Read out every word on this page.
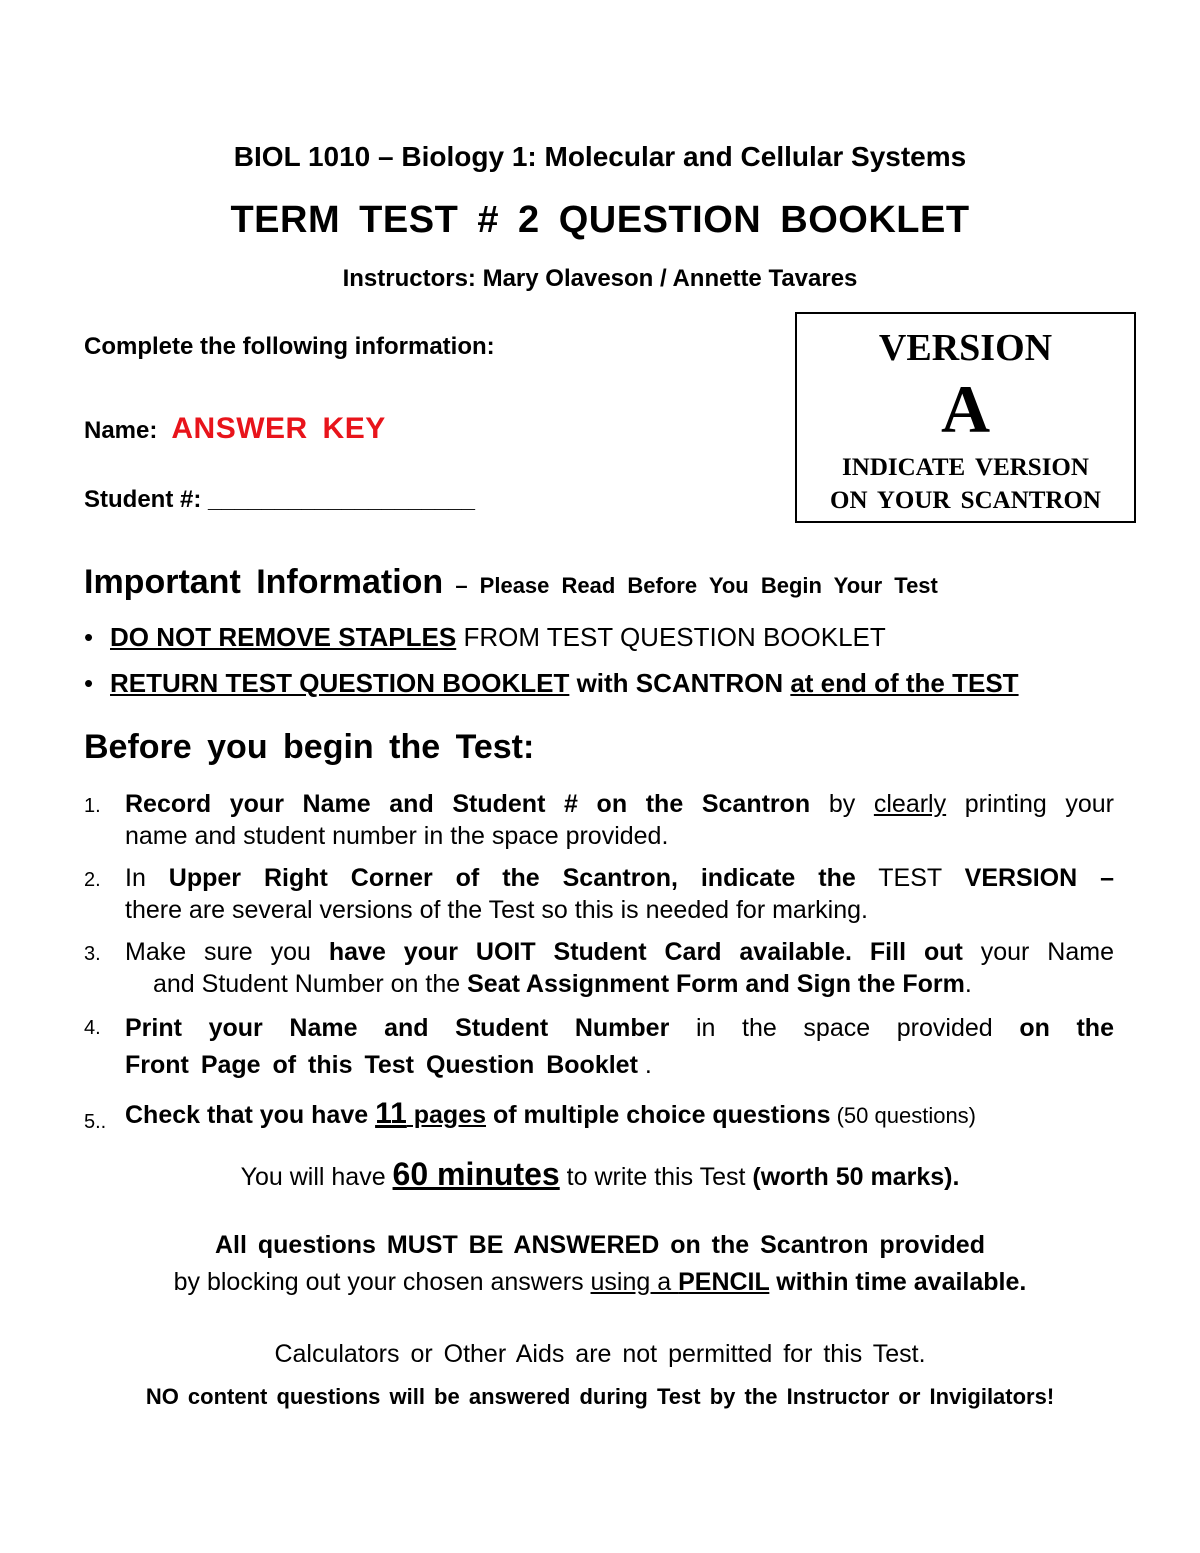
BIOL 1010 – Biology 1: Molecular and Cellular Systems
TERM TEST # 2 QUESTION BOOKLET
Instructors: Mary Olaveson / Annette Tavares
Complete the following information:
Name: ANSWER KEY
Student #: ____________________
VERSION
A
INDICATE VERSION
ON YOUR SCANTRON
Important Information – Please Read Before You Begin Your Test
• DO NOT REMOVE STAPLES FROM TEST QUESTION BOOKLET
• RETURN TEST QUESTION BOOKLET with SCANTRON at end of the TEST
Before you begin the Test:
1. Record your Name and Student # on the Scantron by clearly printing your
name and student number in the space provided.
2. In Upper Right Corner of the Scantron, indicate the TEST VERSION –
there are several versions of the Test so this is needed for marking.
3. Make sure you have your UOIT Student Card available. Fill out your Name
and Student Number on the Seat Assignment Form and Sign the Form.
4. Print your Name and Student Number in the space provided on the
Front Page of this Test Question Booklet .
5.. Check that you have 11 pages of multiple choice questions (50 questions)
You will have 60 minutes to write this Test (worth 50 marks).
All questions MUST BE ANSWERED on the Scantron provided
by blocking out your chosen answers using a PENCIL within time available.
Calculators or Other Aids are not permitted for this Test.
NO content questions will be answered during Test by the Instructor or Invigilators!
